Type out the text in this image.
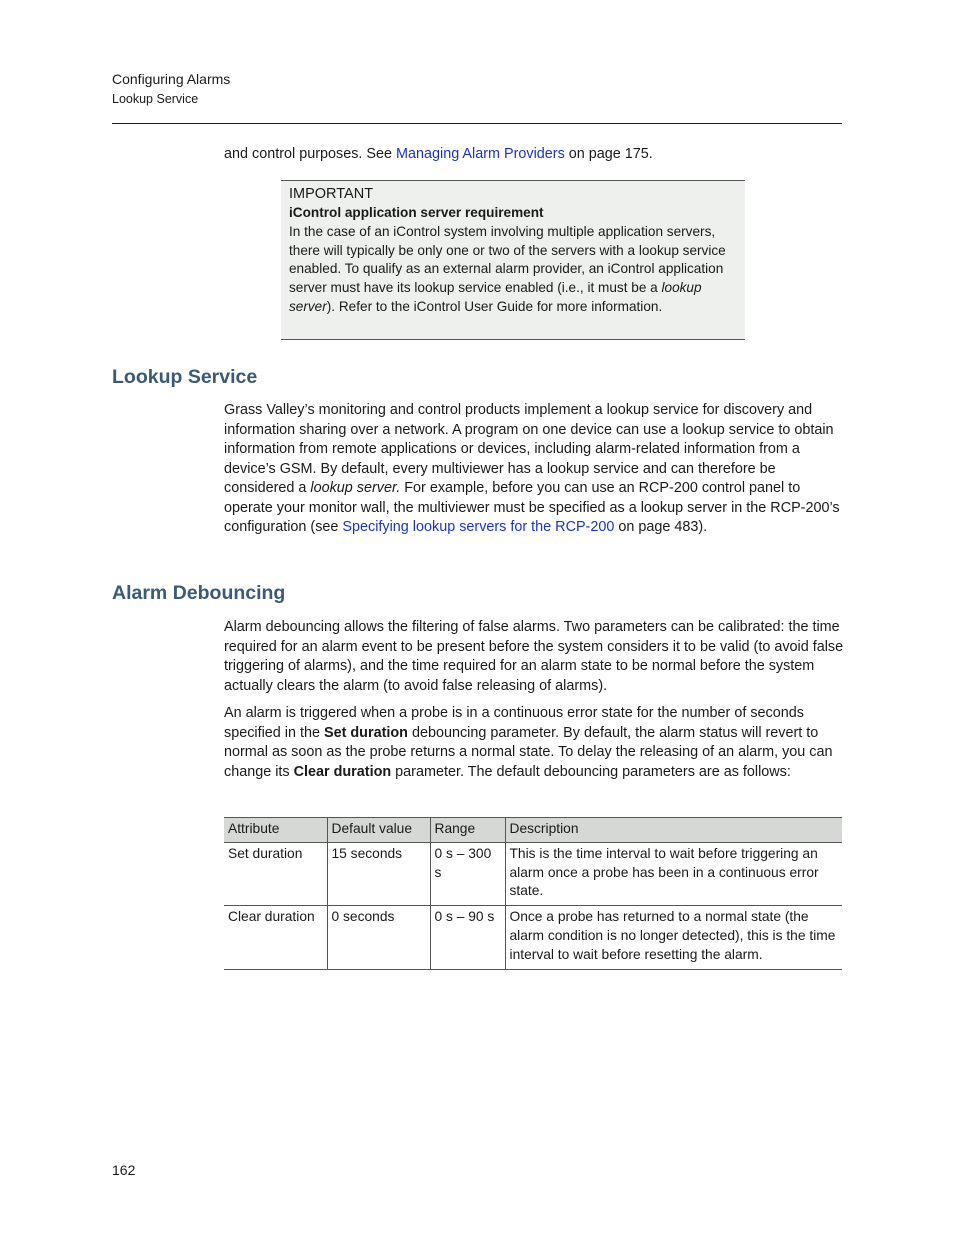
Configuring Alarms
Lookup Service
and control purposes. See Managing Alarm Providers on page 175.
IMPORTANT
iControl application server requirement
In the case of an iControl system involving multiple application servers, there will typically be only one or two of the servers with a lookup service enabled. To qualify as an external alarm provider, an iControl application server must have its lookup service enabled (i.e., it must be a lookup server). Refer to the iControl User Guide for more information.
Lookup Service
Grass Valley’s monitoring and control products implement a lookup service for discovery and information sharing over a network. A program on one device can use a lookup service to obtain information from remote applications or devices, including alarm-related information from a device’s GSM. By default, every multiviewer has a lookup service and can therefore be considered a lookup server. For example, before you can use an RCP-200 control panel to operate your monitor wall, the multiviewer must be specified as a lookup server in the RCP-200’s configuration (see Specifying lookup servers for the RCP-200 on page 483).
Alarm Debouncing
Alarm debouncing allows the filtering of false alarms. Two parameters can be calibrated: the time required for an alarm event to be present before the system considers it to be valid (to avoid false triggering of alarms), and the time required for an alarm state to be normal before the system actually clears the alarm (to avoid false releasing of alarms).
An alarm is triggered when a probe is in a continuous error state for the number of seconds specified in the Set duration debouncing parameter. By default, the alarm status will revert to normal as soon as the probe returns a normal state. To delay the releasing of an alarm, you can change its Clear duration parameter. The default debouncing parameters are as follows:
Attribute	Default value	Range	Description
Set duration	15 seconds	0 s – 300 s	This is the time interval to wait before triggering an alarm once a probe has been in a continuous error state.
Clear duration	0 seconds	0 s – 90 s	Once a probe has returned to a normal state (the alarm condition is no longer detected), this is the time interval to wait before resetting the alarm.
162
